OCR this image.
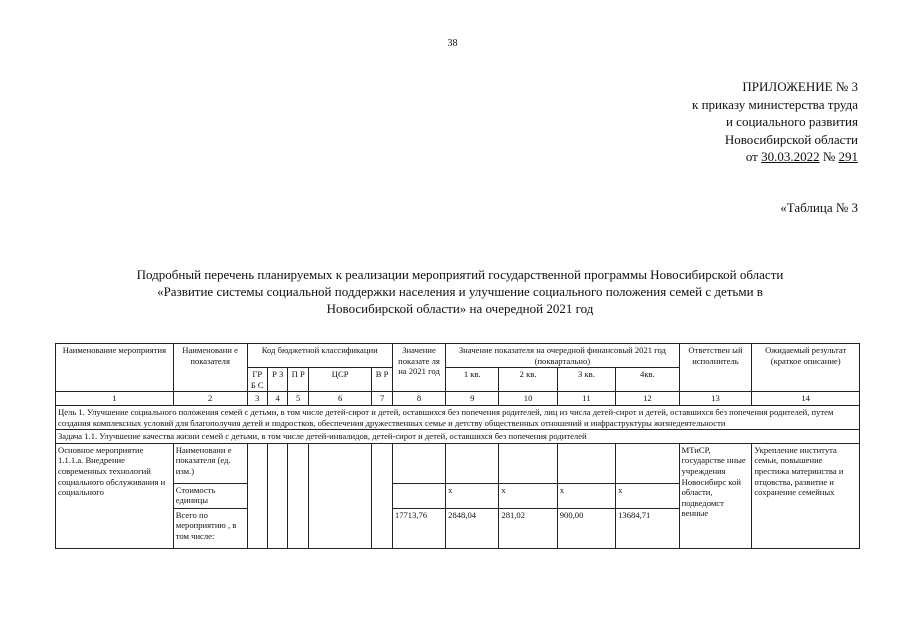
38
ПРИЛОЖЕНИЕ № 3
к приказу министерства труда
и социального развития
Новосибирской области
от 30.03.2022 № 291
«Таблица № 3
Подробный перечень планируемых к реализации мероприятий государственной программы Новосибирской области
«Развитие системы социальной поддержки населения и улучшение социального положения семей с детьми в
Новосибирской области» на очередной 2021 год
Наименование мероприятия	Наименовани е показателя	Код бюджетной классификации					Значение показате ля на 2021 год	Значение показателя на очередной финансовый 2021 год (поквартально)				Ответствен ый исполнитель	Ожидаемый результат (краткое описание)
		ГР Б С	Р З	П Р	ЦСР	В Р		1 кв.	2 кв.	3 кв.	4кв.		
1	2	3	4	5	6	7	8	9	10	11	12	13	14
Цель 1. Улучшение социального положения семей с детьми, в том числе детей-сирот и детей, оставшихся без попечения родителей, лиц из числа детей-сирот и детей, оставшихся без попечения родителей, путем создания комплексных условий для благополучия детей и подростков, обеспечения дружественных семье и детству общественных отношений и инфраструктуры жизнедеятельности													
Задача 1.1. Улучшение качества жизни семей с детьми, в том числе детей-инвалидов, детей-сирот и детей, оставшихся без попечения родителей													
Основное мероприятие 1.1.1.а. Внедрение современных технологий социального обслуживания и социального	Наименовани е показателя (ед. изм.)											МТиСР, государстве нные учреждения Новосибирс кой области, подведомст венные	Укрепление института семьи, повышение престижа материнства и отцовства, развитие и сохранение семейных
	Стоимость единицы							x	x	x	x		
	Всего по мероприятию , в том числе:						17713,76	2848,04	281,02	900,00	13684,71		
